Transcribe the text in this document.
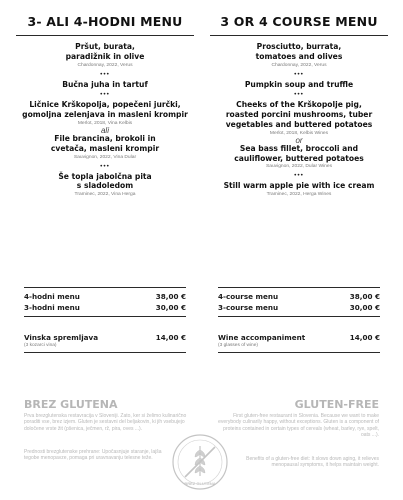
3- ALI 4-HODNI MENU
Pršut, burata,
paradižnik in olive
Chardonnay, 2022, Verus
•••
Bučna juha in tartuf
•••
Ličnice Krškopolja, popečeni jurčki,
gomoljna zelenjava in masleni krompir
Merlot, 2018, Vina Kelbis
ali
File brancina, brokoli in
cvetača, masleni krompir
Sauvignon, 2022, Vina Dular
•••
Še topla jabolčna pita
s sladoledom
Traminec, 2022, Vina Herga
3 OR 4 COURSE MENU
Prosciutto, burrata,
tomatoes and olives
Chardonnay, 2022, Verus
•••
Pumpkin soup and truffle
•••
Cheeks of the Krškopolje pig,
roasted porcini mushrooms, tuber
vegetables and buttered potatoes
Merlot, 2018, Kelbis Wines
or
Sea bass fillet, broccoli and
cauliflower, buttered potatoes
Sauvignon, 2022, Dular Wines
•••
Still warm apple pie with ice cream
Traminec, 2022, Herga Wines
4-hodni menu	38,00 €
3-hodni menu	30,00 €
Vinska spremljava	14,00 €
(3 kozarci vina)
4-course menu	38,00 €
3-course menu	30,00 €
Wine accompaniment	14,00 €
(3 glasses of wine)
BREZ GLUTENA	GLUTEN-FREE
Prva brezglutenska restavracija v Sloveniji. Zato, ker si želimo kulinarično poraditi vse, brez izjem. Gluten je sestavni del beljakovin, ki jih vsebujejo določene vrste žit (pšenica, ječmen, rž, pira, oves ...).
Prednosti brezglutenske prehrane: Upočasnjuje staranje, lajša tegobe menopavze, pomaga pri uravnavanju telesne teže.
First gluten-free restaurant in Slovenia. Because we want to make everybody culinarily happy, without exceptions. Gluten is a component of proteins contained in certain types of cereals (wheat, barley, rye, spelt, oats ...).
Benefits of a gluten-free diet: It slows down aging, it relieves menopausal symptoms, it helps maintain weight.
BREZ GLUTENA
